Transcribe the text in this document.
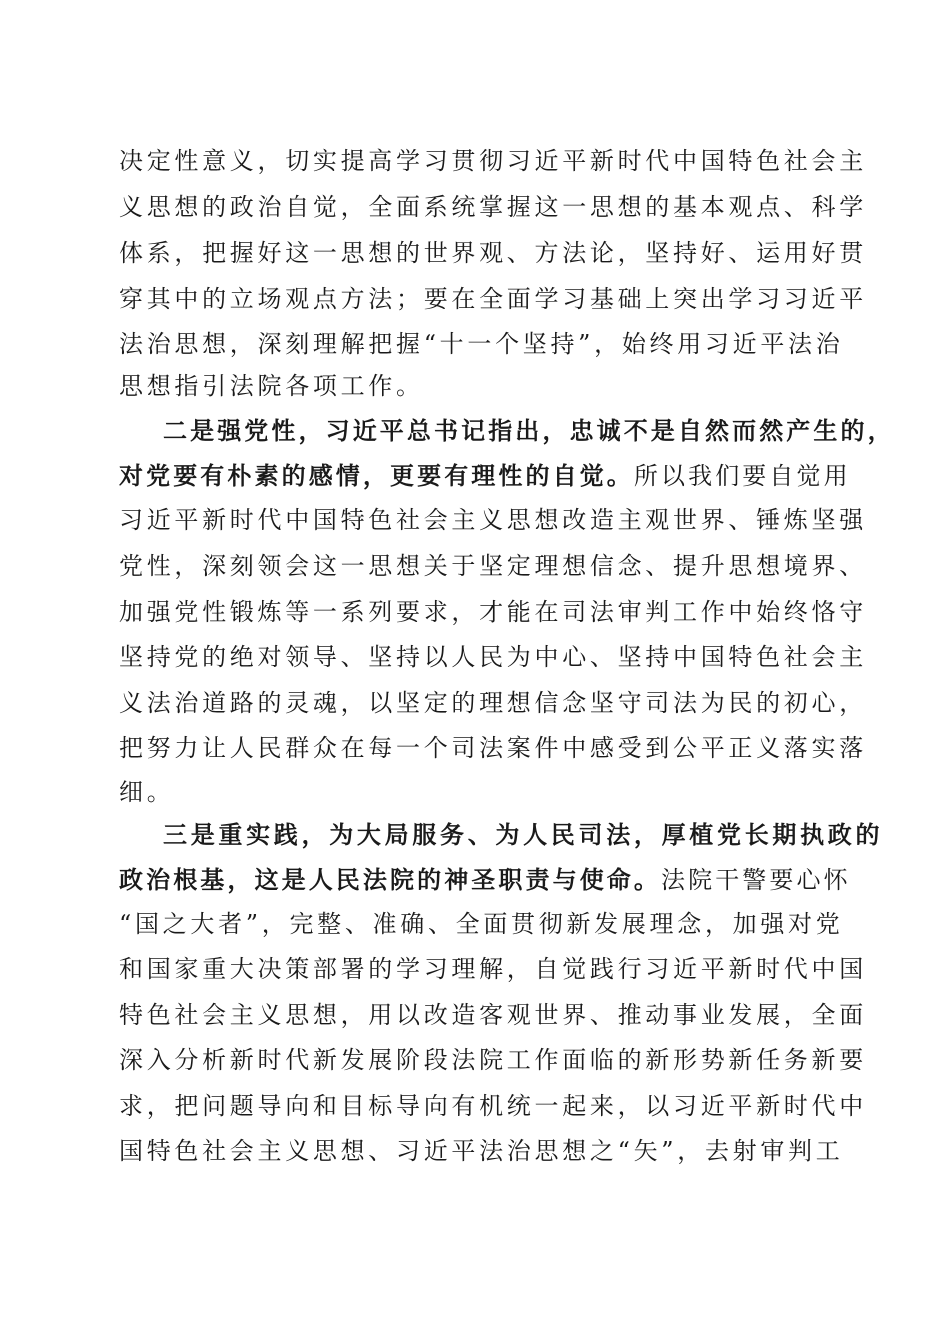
决定性意义，切实提高学习贯彻习近平新时代中国特色社会主
义思想的政治自觉，全面系统掌握这一思想的基本观点、科学
体系，把握好这一思想的世界观、方法论，坚持好、运用好贯
穿其中的立场观点方法；要在全面学习基础上突出学习习近平
法治思想，深刻理解把握“十一个坚持”，始终用习近平法治
思想指引法院各项工作。
二是强党性，习近平总书记指出，忠诚不是自然而然产生的，
对党要有朴素的感情，更要有理性的自觉。所以我们要自觉用
习近平新时代中国特色社会主义思想改造主观世界、锤炼坚强
党性，深刻领会这一思想关于坚定理想信念、提升思想境界、
加强党性锻炼等一系列要求，才能在司法审判工作中始终恪守
坚持党的绝对领导、坚持以人民为中心、坚持中国特色社会主
义法治道路的灵魂，以坚定的理想信念坚守司法为民的初心，
把努力让人民群众在每一个司法案件中感受到公平正义落实落
细。
三是重实践，为大局服务、为人民司法，厚植党长期执政的
政治根基，这是人民法院的神圣职责与使命。法院干警要心怀
“国之大者”，完整、准确、全面贯彻新发展理念，加强对党
和国家重大决策部署的学习理解，自觉践行习近平新时代中国
特色社会主义思想，用以改造客观世界、推动事业发展，全面
深入分析新时代新发展阶段法院工作面临的新形势新任务新要
求，把问题导向和目标导向有机统一起来，以习近平新时代中
国特色社会主义思想、习近平法治思想之“矢”，去射审判工
